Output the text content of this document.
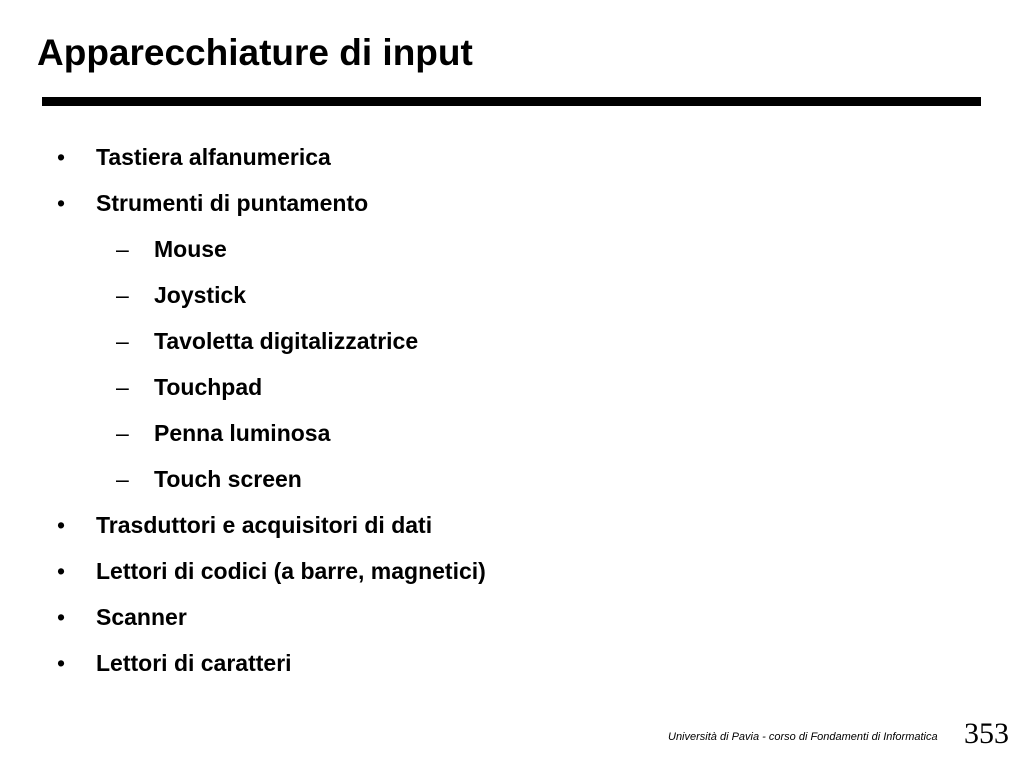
Apparecchiature di input
• Tastiera alfanumerica
• Strumenti di puntamento
– Mouse
– Joystick
– Tavoletta digitalizzatrice
– Touchpad
– Penna luminosa
– Touch screen
• Trasduttori e acquisitori di dati
• Lettori di codici (a barre, magnetici)
• Scanner
• Lettori di caratteri
Università di Pavia - corso di Fondamenti di Informatica 353
